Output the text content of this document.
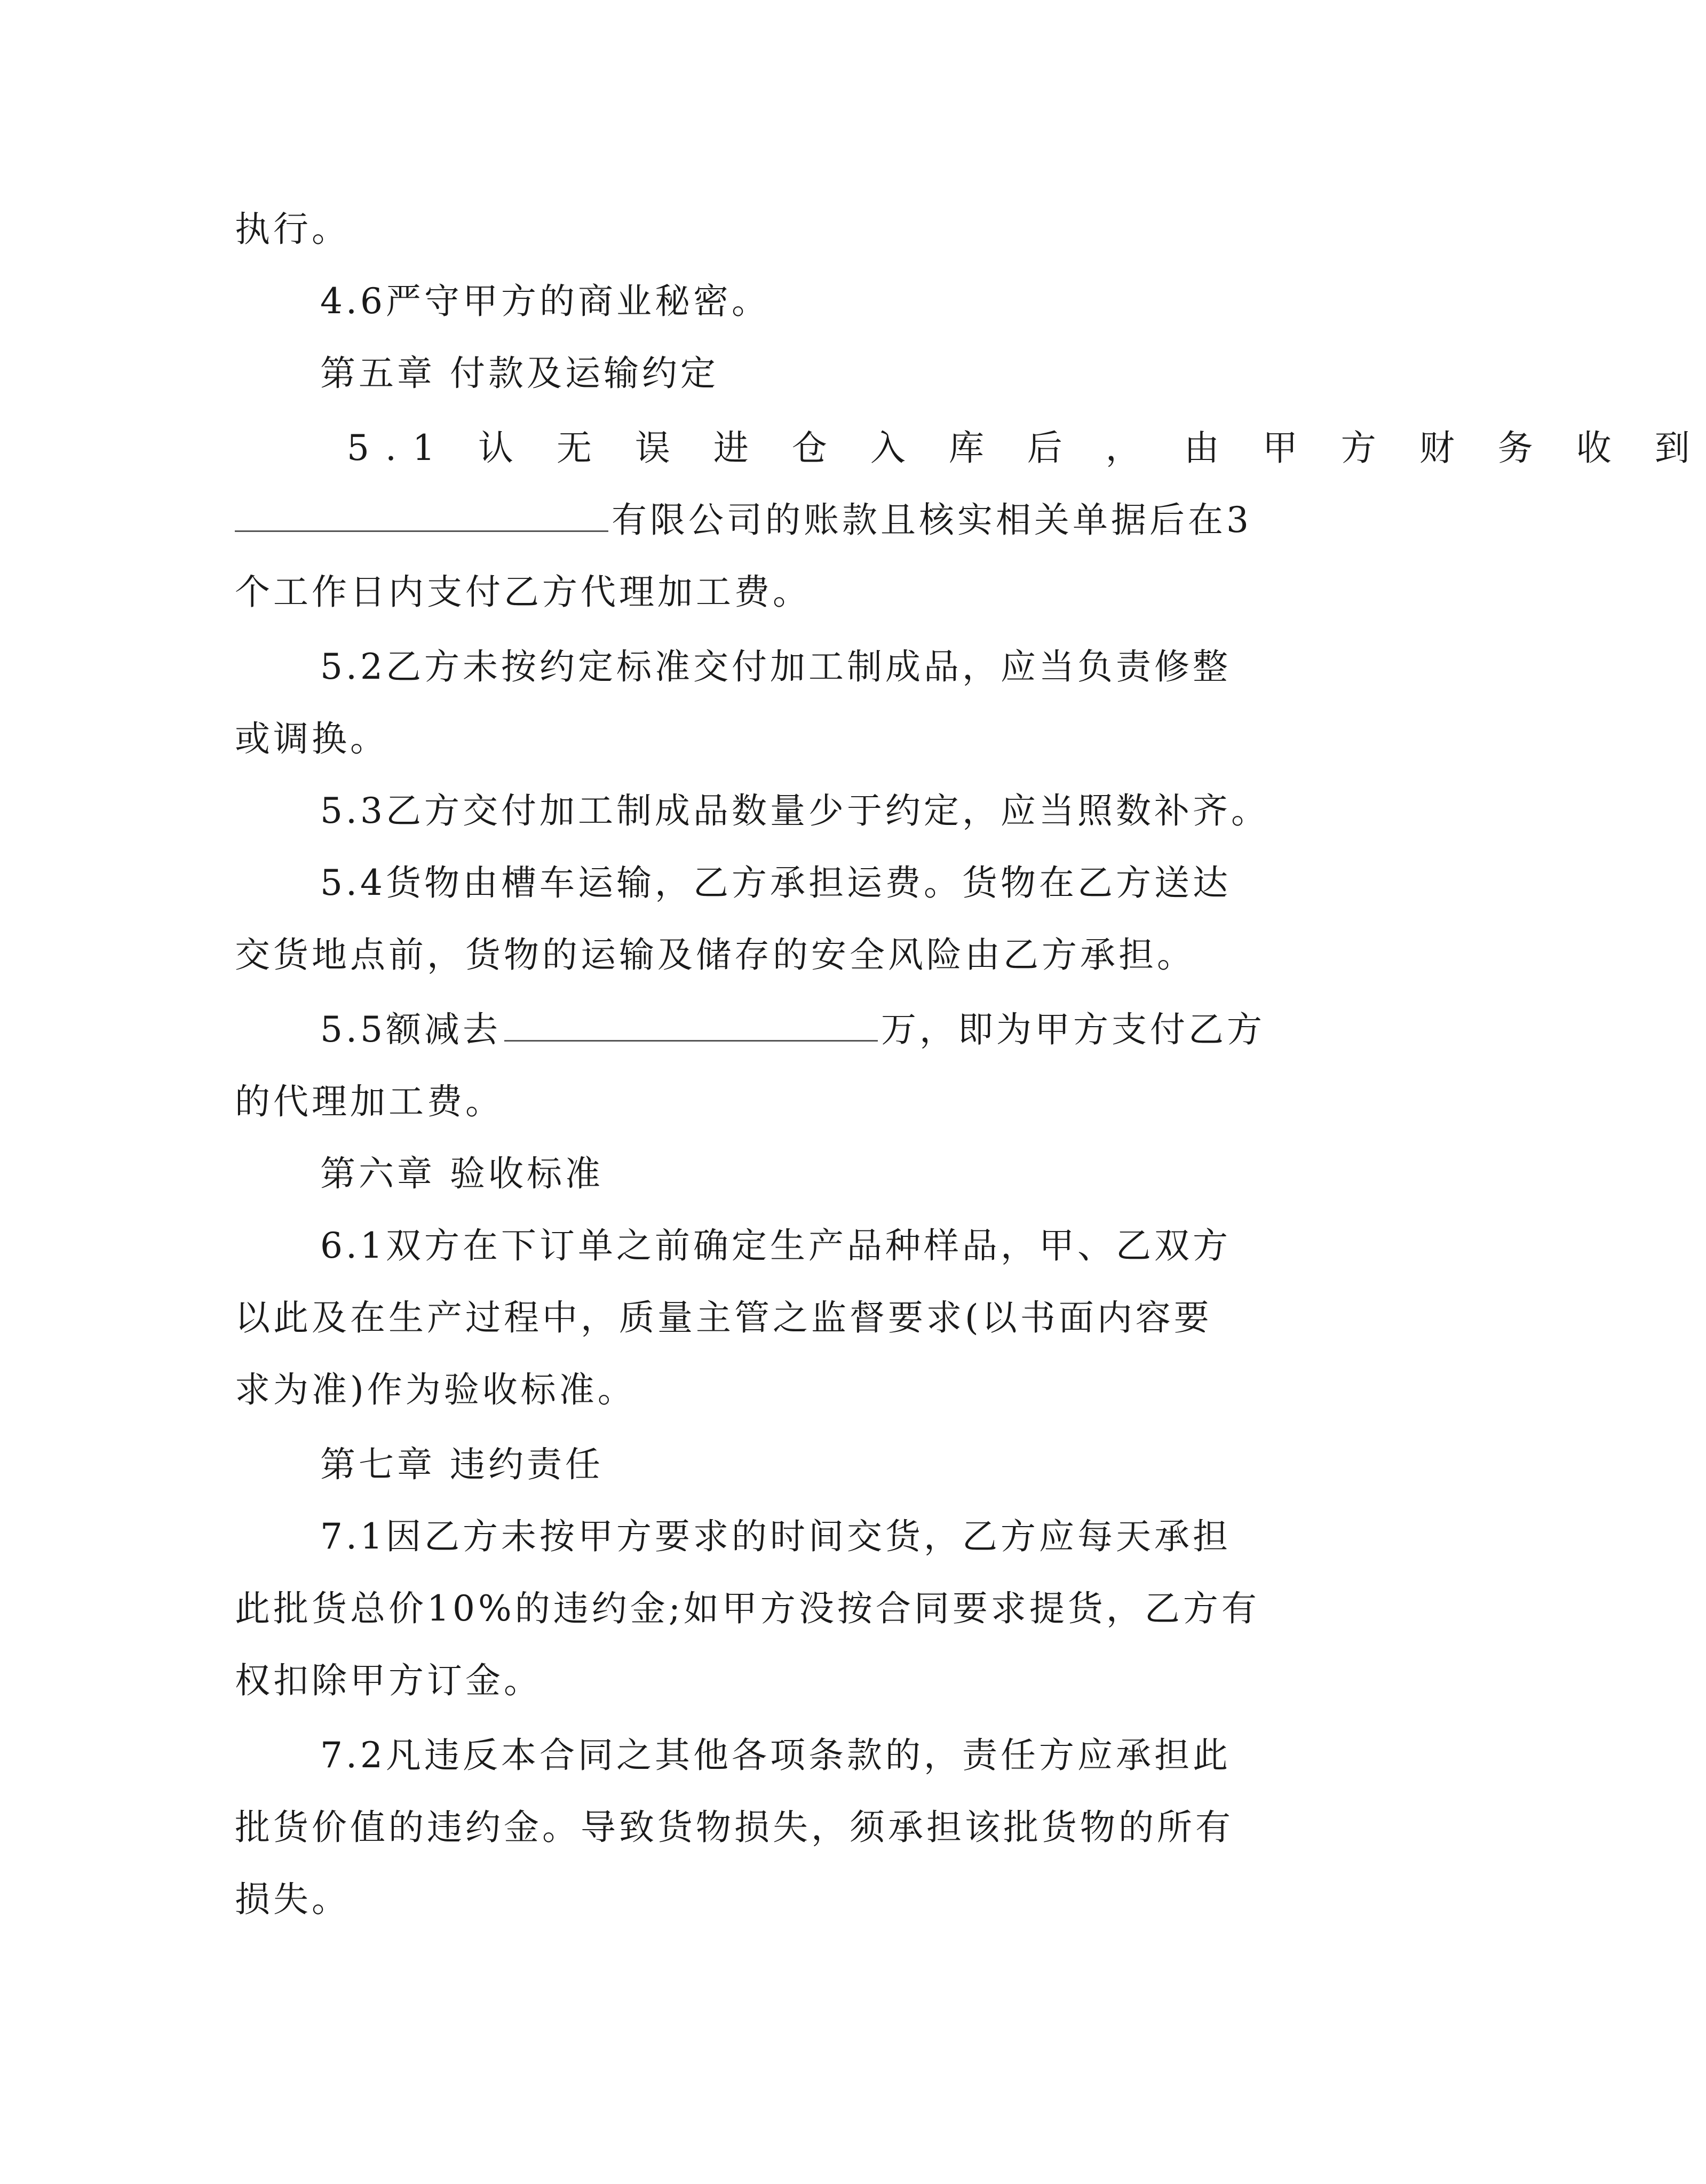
执行。
4.6严守甲方的商业秘密。
第五章 付款及运输约定
5.1 认 无 误 进 仓 入 库 后 ， 由 甲 方 财 务 收 到
有限公司的账款且核实相关单据后在3
个工作日内支付乙方代理加工费。
5.2乙方未按约定标准交付加工制成品，应当负责修整
或调换。
5.3乙方交付加工制成品数量少于约定，应当照数补齐。
5.4货物由槽车运输，乙方承担运费。货物在乙方送达
交货地点前，货物的运输及储存的安全风险由乙方承担。
5.5额减去	万，即为甲方支付乙方
的代理加工费。
第六章 验收标准
6.1双方在下订单之前确定生产品种样品，甲、乙双方
以此及在生产过程中，质量主管之监督要求(以书面内容要
求为准)作为验收标准。
第七章 违约责任
7.1因乙方未按甲方要求的时间交货，乙方应每天承担
此批货总价10%的违约金;如甲方没按合同要求提货，乙方有
权扣除甲方订金。
7.2凡违反本合同之其他各项条款的，责任方应承担此
批货价值的违约金。导致货物损失，须承担该批货物的所有
损失。
